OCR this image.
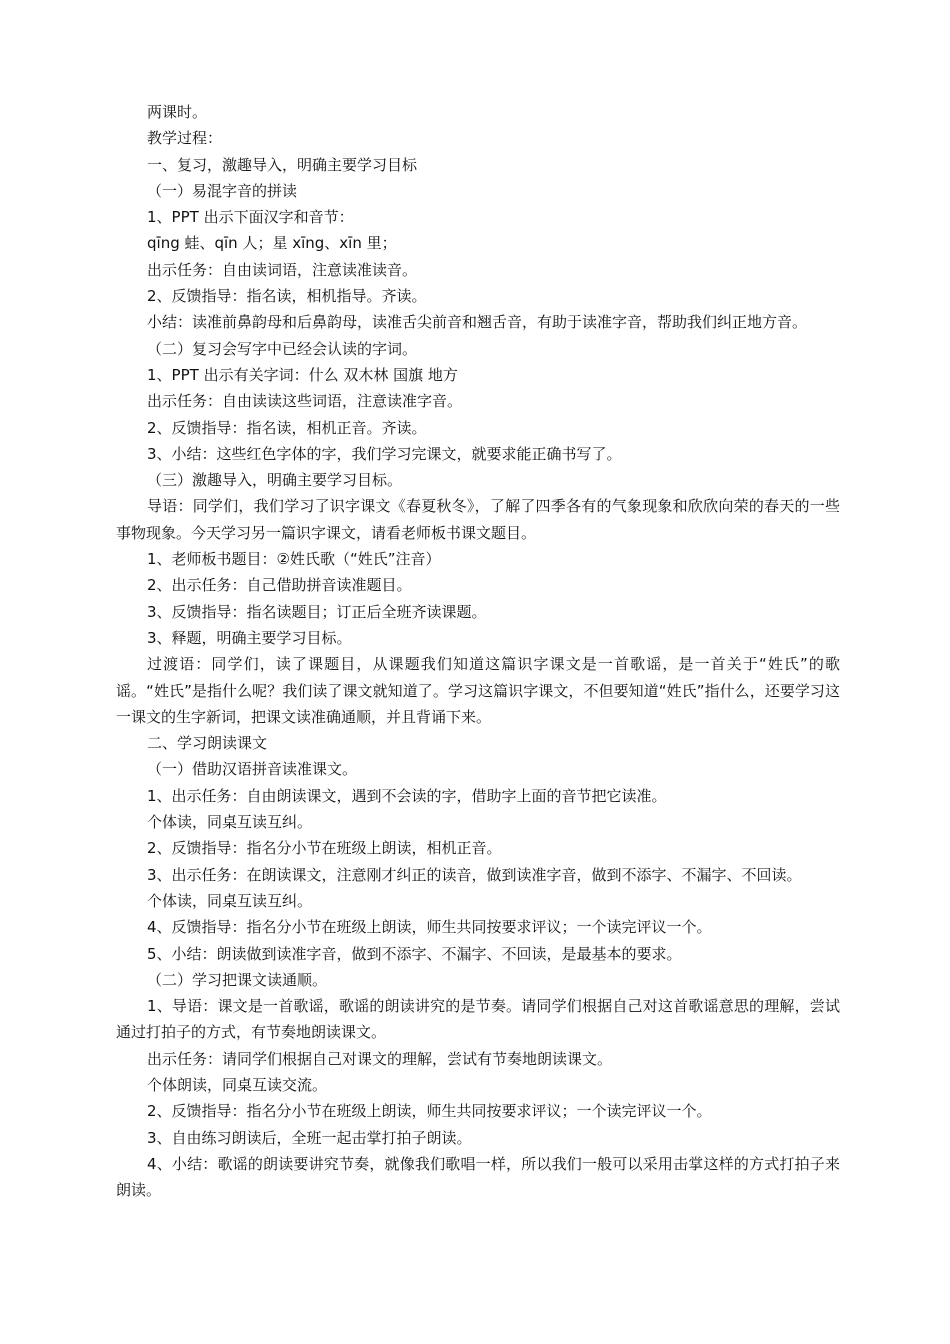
两课时。

教学过程：

一、复习，激趣导入，明确主要学习目标

（一）易混字音的拼读

1、PPT 出示下面汉字和音节：

qīng 蛙、qīn 人；星 xīng、xīn 里；

出示任务：自由读词语，注意读准读音。

2、反馈指导：指名读，相机指导。齐读。

小结：读准前鼻韵母和后鼻韵母，读准舌尖前音和翘舌音，有助于读准字音，帮助我们纠正地方音。

（二）复习会写字中已经会认读的字词。

1、PPT 出示有关字词：什么 双木林 国旗 地方

出示任务：自由读读这些词语，注意读准字音。

2、反馈指导：指名读，相机正音。齐读。

3、小结：这些红色字体的字，我们学习完课文，就要求能正确书写了。

（三）激趣导入，明确主要学习目标。

导语：同学们，我们学习了识字课文《春夏秋冬》，了解了四季各有的气象现象和欣欣向荣的春天的一些事物现象。今天学习另一篇识字课文，请看老师板书课文题目。

1、老师板书题目：②姓氏歌（“姓氏”注音）

2、出示任务：自己借助拼音读准题目。

3、反馈指导：指名读题目；订正后全班齐读课题。

3、释题，明确主要学习目标。

过渡语：同学们，读了课题目，从课题我们知道这篇识字课文是一首歌谣，是一首关于“姓氏”的歌谣。“姓氏”是指什么呢？我们读了课文就知道了。学习这篇识字课文，不但要知道“姓氏”指什么，还要学习这一课文的生字新词，把课文读准确通顺，并且背诵下来。

二、学习朗读课文

（一）借助汉语拼音读准课文。

1、出示任务：自由朗读课文，遇到不会读的字，借助字上面的音节把它读准。

个体读，同桌互读互纠。

2、反馈指导：指名分小节在班级上朗读，相机正音。

3、出示任务：在朗读课文，注意刚才纠正的读音，做到读准字音，做到不添字、不漏字、不回读。

个体读，同桌互读互纠。

4、反馈指导：指名分小节在班级上朗读，师生共同按要求评议；一个读完评议一个。

5、小结：朗读做到读准字音，做到不添字、不漏字、不回读，是最基本的要求。

（二）学习把课文读通顺。

1、导语：课文是一首歌谣，歌谣的朗读讲究的是节奏。请同学们根据自己对这首歌谣意思的理解，尝试通过打拍子的方式，有节奏地朗读课文。

出示任务：请同学们根据自己对课文的理解，尝试有节奏地朗读课文。

个体朗读，同桌互读交流。

2、反馈指导：指名分小节在班级上朗读，师生共同按要求评议；一个读完评议一个。

3、自由练习朗读后，全班一起击掌打拍子朗读。

4、小结：歌谣的朗读要讲究节奏，就像我们歌唱一样，所以我们一般可以采用击掌这样的方式打拍子来朗读。
